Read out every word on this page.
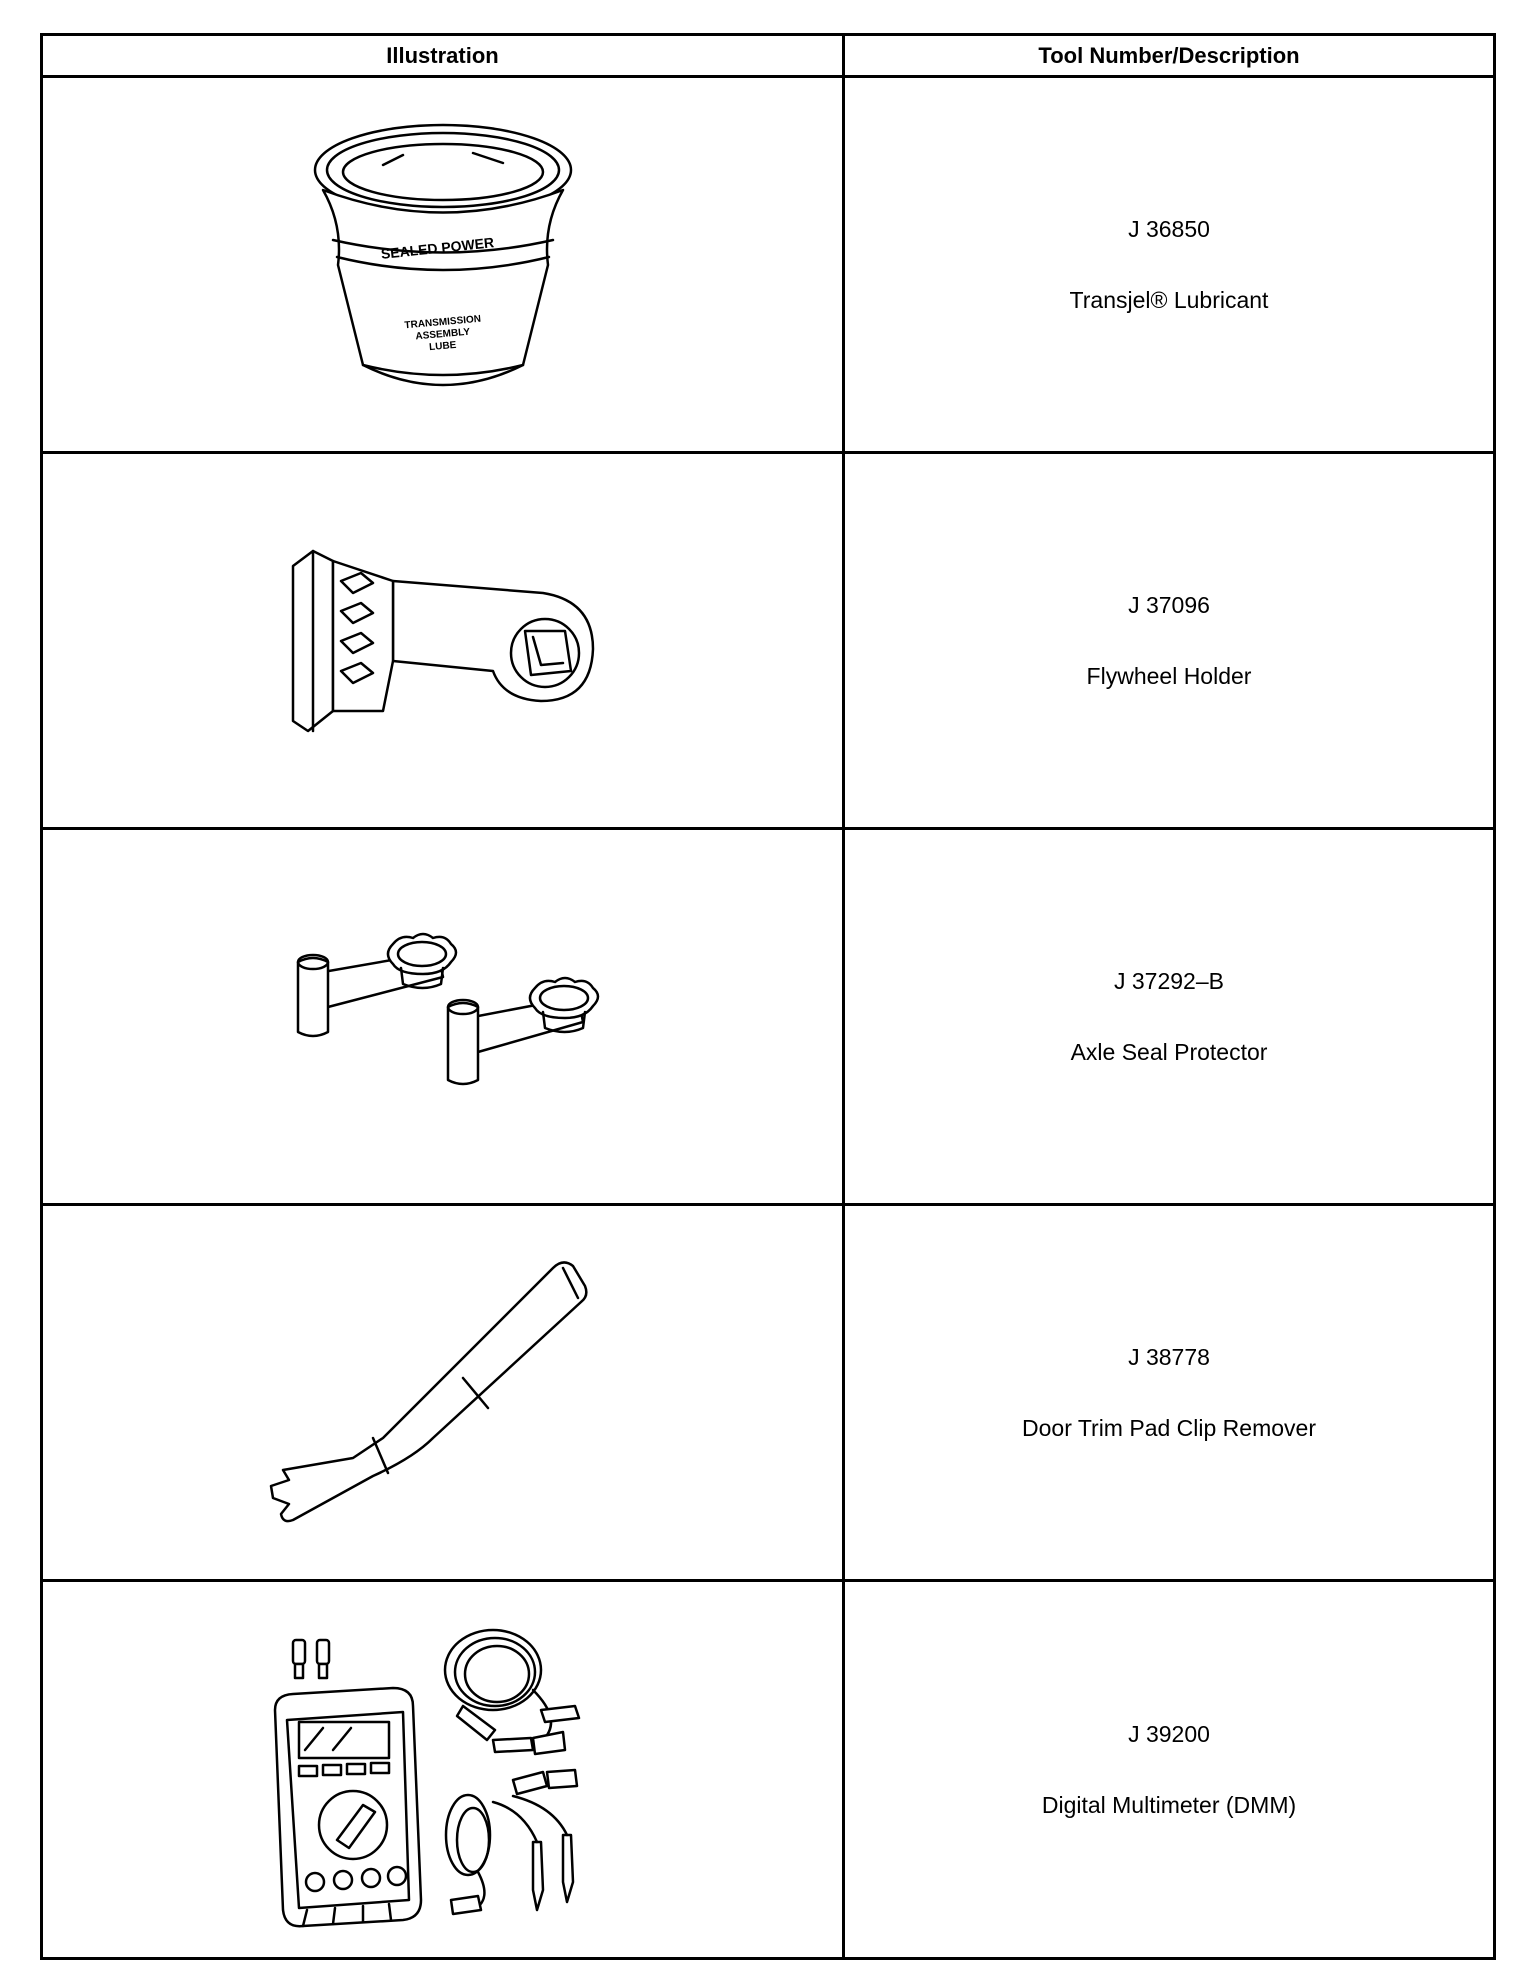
Illustration	Tool Number/Description
SEALED POWER
TRANSMISSION
ASSEMBLY
LUBE
J 36850
Transjel® Lubricant
J 37096
Flywheel Holder
J 37292–B
Axle Seal Protector
J 38778
Door Trim Pad Clip Remover
J 39200
Digital Multimeter (DMM)
